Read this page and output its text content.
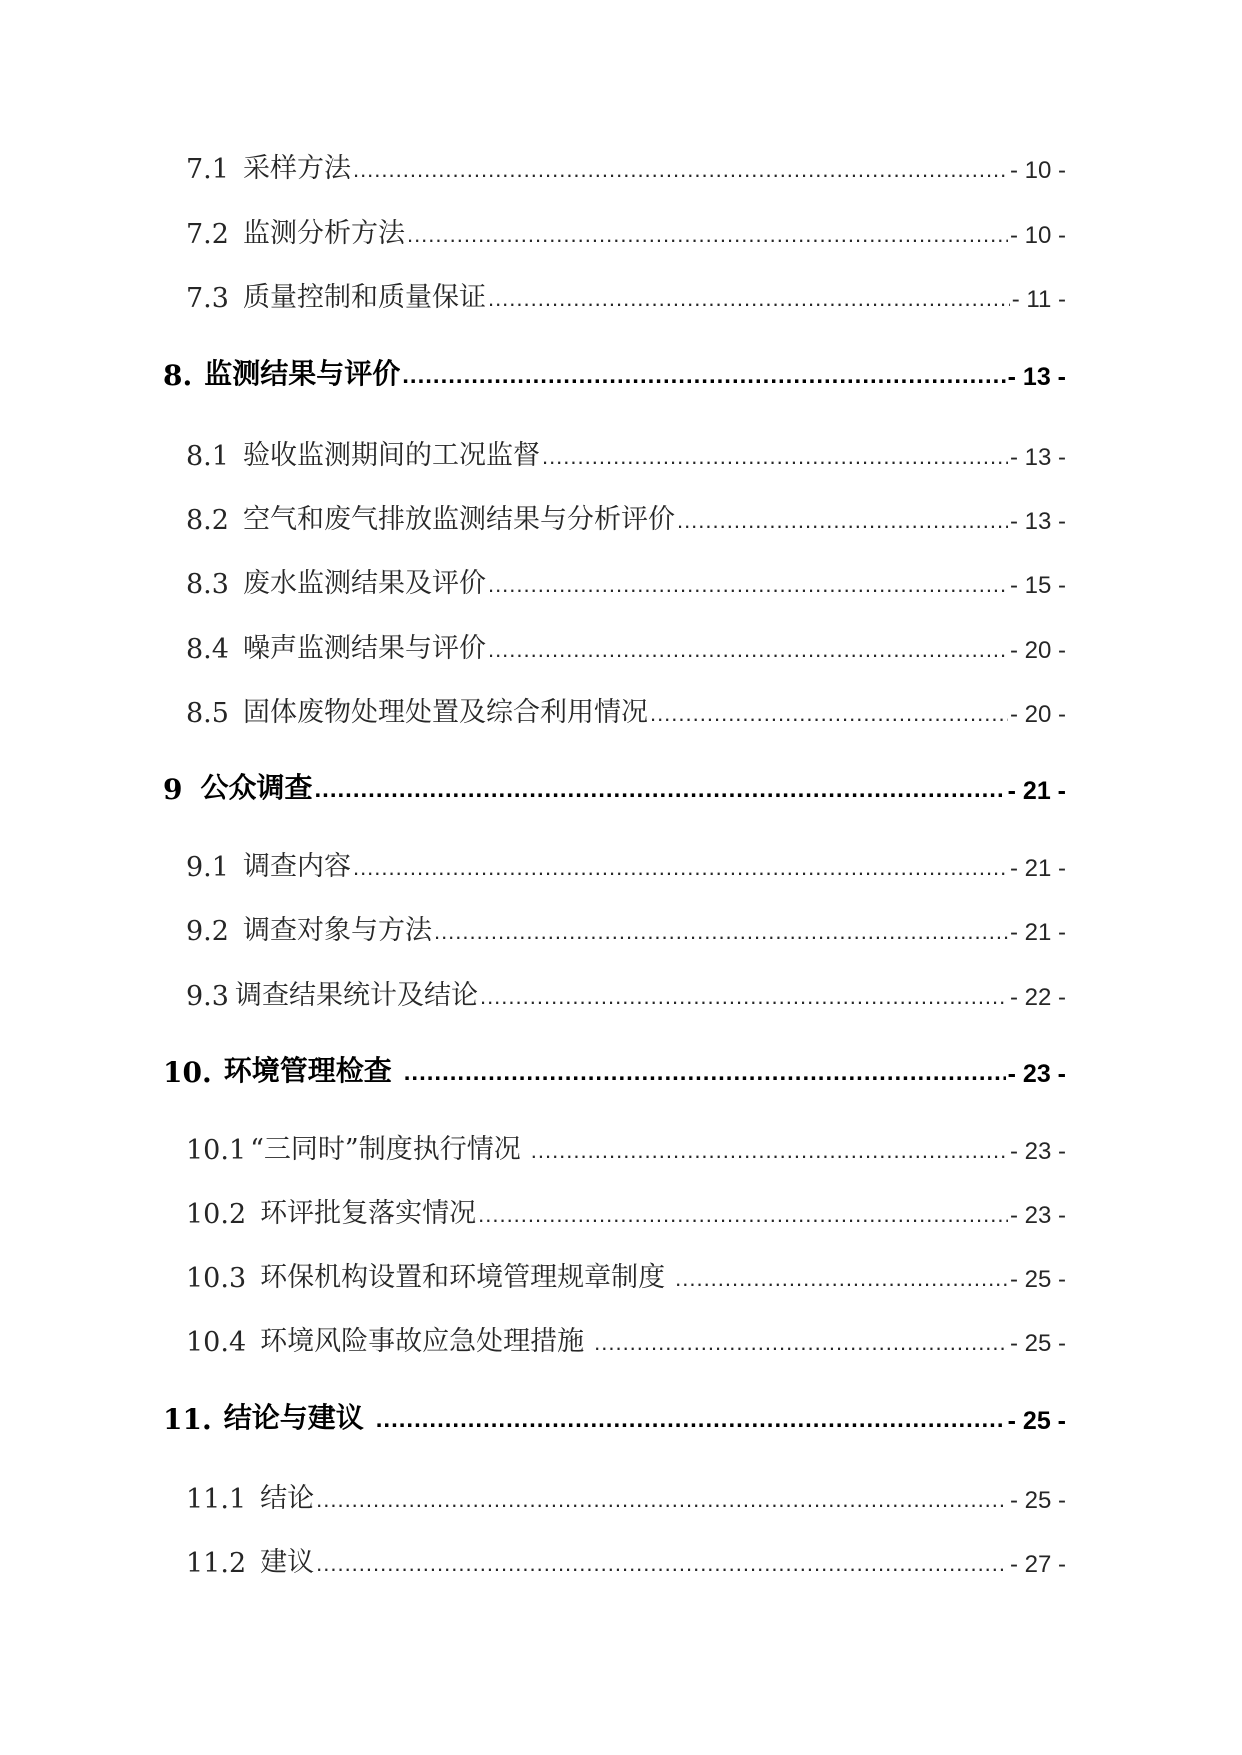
7.1 采样方法 .....	- 10 -
7.2 监测分析方法 .....	- 10 -
7.3 质量控制和质量保证 .....	- 11 -
8. 监测结果与评价 .....	- 13 -
8.1 验收监测期间的工况监督 .....	- 13 -
8.2 空气和废气排放监测结果与分析评价 .....	- 13 -
8.3 废水监测结果及评价 .....	- 15 -
8.4 噪声监测结果与评价 .....	- 20 -
8.5 固体废物处理处置及综合利用情况 .....	- 20 -
9 公众调查 .....	- 21 -
9.1 调查内容 .....	- 21 -
9.2 调查对象与方法 .....	- 21 -
9.3 调查结果统计及结论 .....	- 22 -
10. 环境管理检查 .....	- 23 -
10.1 “三同时”制度执行情况 .....	- 23 -
10.2 环评批复落实情况 .....	- 23 -
10.3 环保机构设置和环境管理规章制度 .....	- 25 -
10.4 环境风险事故应急处理措施 .....	- 25 -
11. 结论与建议 .....	- 25 -
11.1 结论 .....	- 25 -
11.2 建议 .....	- 27 -
